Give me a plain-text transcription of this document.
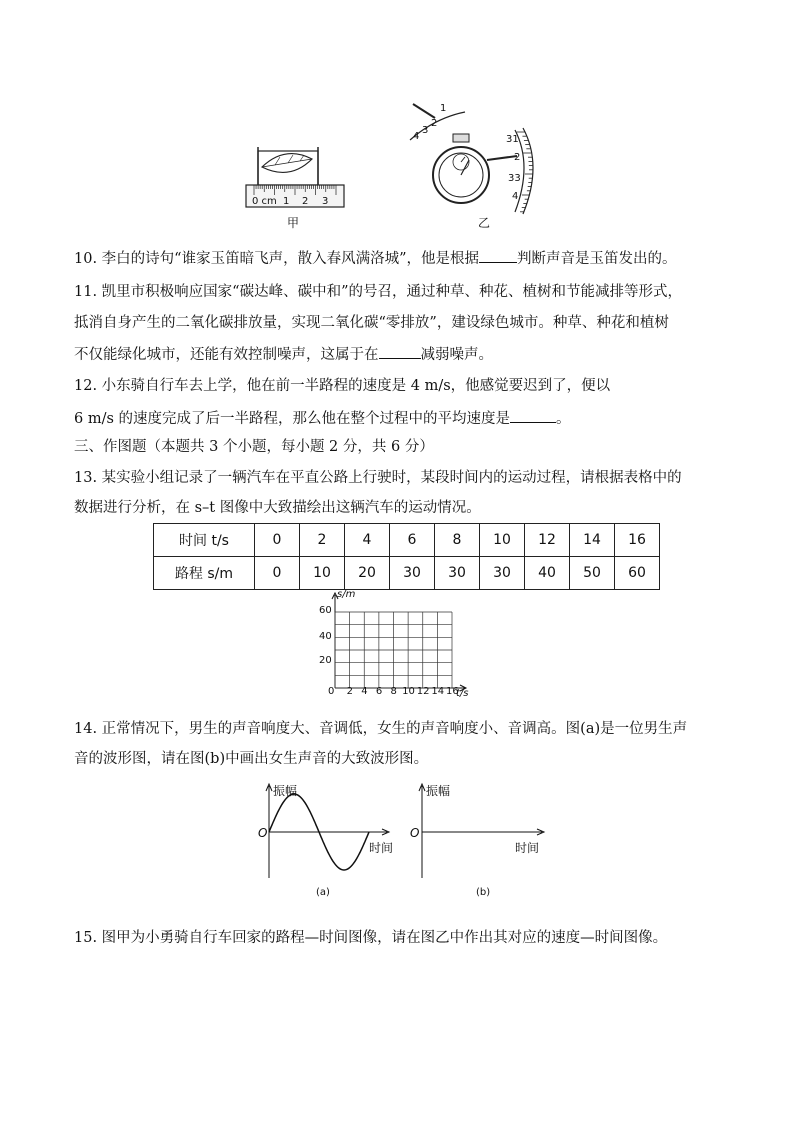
0 cm 1 2 3
甲
4
3
2
1
31
2
33
4
乙
10. 李白的诗句“谁家玉笛暗飞声，散入春风满洛城”，他是根据	判断声音是玉笛发出的。
11. 凯里市积极响应国家“碳达峰、碳中和”的号召，通过种草、种花、植树和节能减排等形式，
抵消自身产生的二氧化碳排放量，实现二氧化碳“零排放”，建设绿色城市。种草、种花和植树
不仅能绿化城市，还能有效控制噪声，这属于在	减弱噪声。
12. 小东骑自行车去上学，他在前一半路程的速度是 4 m/s，他感觉要迟到了，便以
6 m/s 的速度完成了后一半路程，那么他在整个过程中的平均速度是	。
三、作图题（本题共 3 个小题，每小题 2 分，共 6 分）
13. 某实验小组记录了一辆汽车在平直公路上行驶时，某段时间内的运动过程，请根据表格中的
数据进行分析，在 s–t 图像中大致描绘出这辆汽车的运动情况。
时间 t/s	0	2	4	6	8	10	12	14	16
路程 s/m	0	10	20	30	30	30	40	50	60
s/m
60
40
20
0 2 4 6 8 10 12 14 16
t/s
14. 正常情况下，男生的声音响度大、音调低，女生的声音响度小、音调高。图(a)是一位男生声
音的波形图，请在图(b)中画出女生声音的大致波形图。
振幅
O
时间
(a)
振幅
O
时间
(b)
15. 图甲为小勇骑自行车回家的路程—时间图像，请在图乙中作出其对应的速度—时间图像。
